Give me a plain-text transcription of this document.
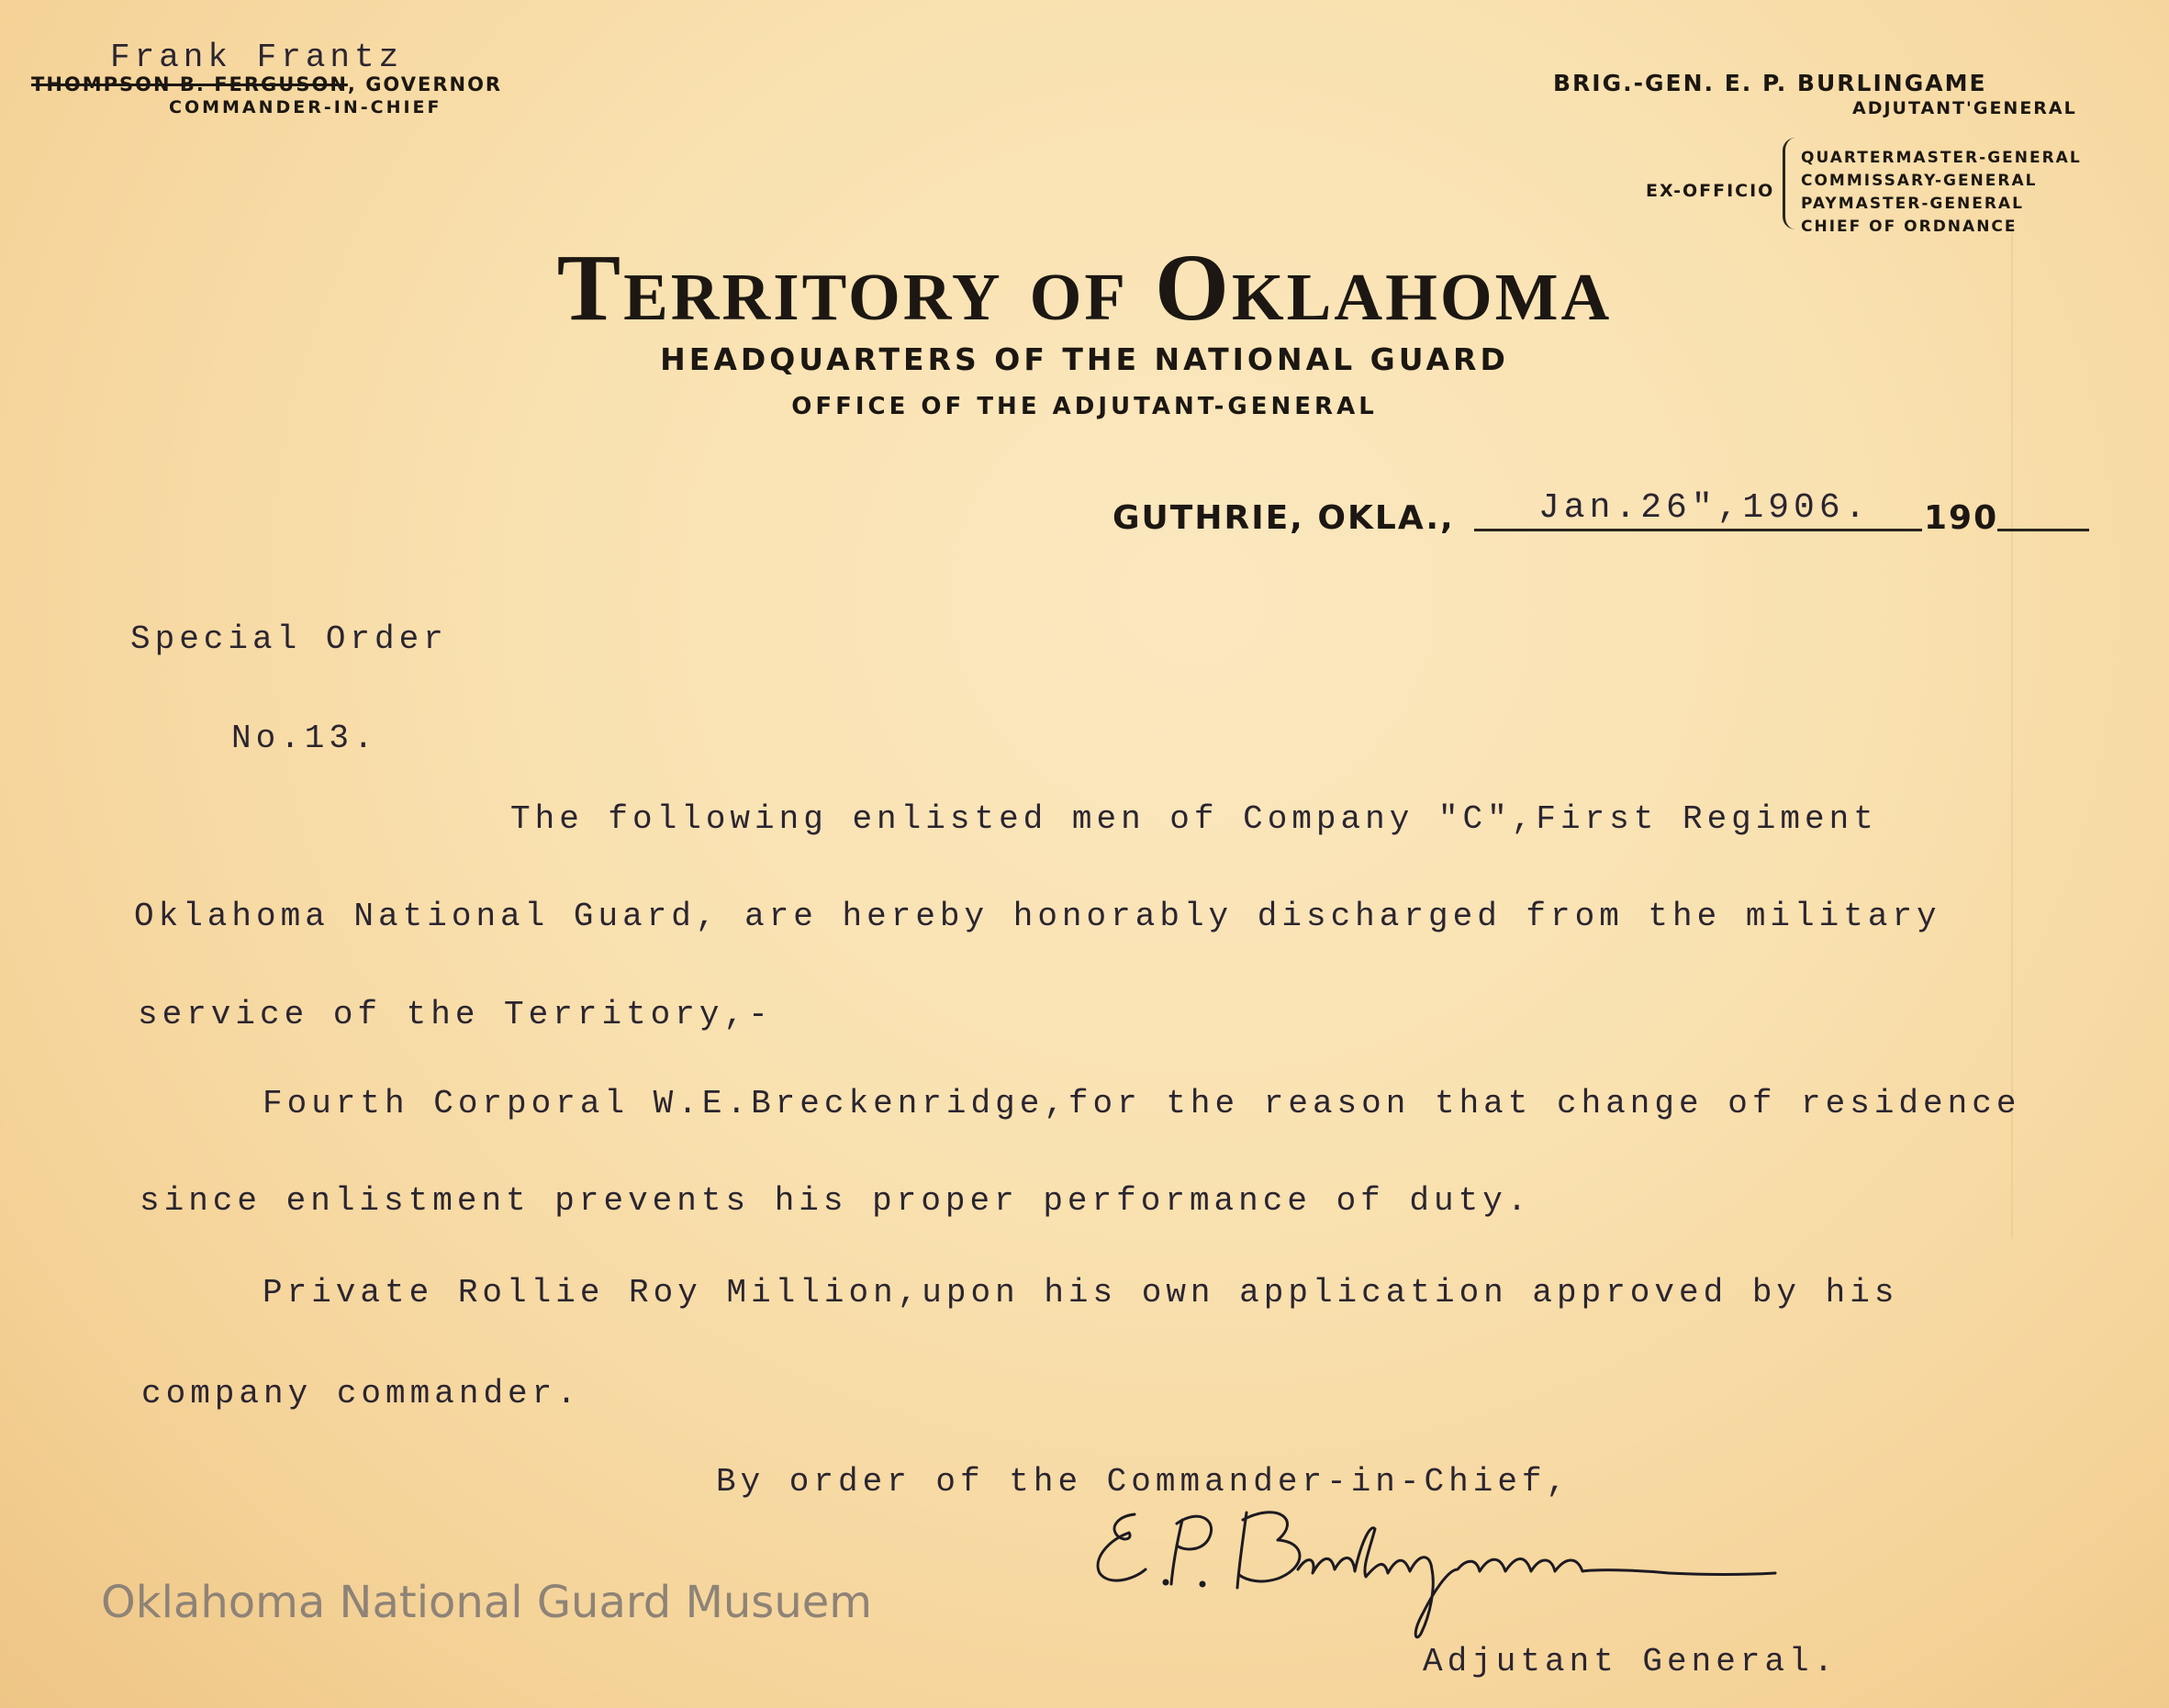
Frank Frantz
THOMPSON B. FERGUSON, GOVERNOR
COMMANDER-IN-CHIEF
BRIG.-GEN. E. P. BURLINGAME
ADJUTANT'GENERAL
EX-OFFICIO
QUARTERMASTER-GENERAL
COMMISSARY-GENERAL
PAYMASTER-GENERAL
CHIEF OF ORDNANCE
Territory of Oklahoma
HEADQUARTERS OF THE NATIONAL GUARD
OFFICE OF THE ADJUTANT-GENERAL
GUTHRIE, OKLA., Jan.26",1906. 190
Special Order
No.13.
The following enlisted men of Company "C",First Regiment
Oklahoma National Guard, are hereby honorably discharged from the military
service of the Territory,-
Fourth Corporal W.E.Breckenridge,for the reason that change of residence
since enlistment prevents his proper performance of duty.
Private Rollie Roy Million,upon his own application approved by his
company commander.
By order of the Commander-in-Chief,
Adjutant General.
Oklahoma National Guard Musuem
